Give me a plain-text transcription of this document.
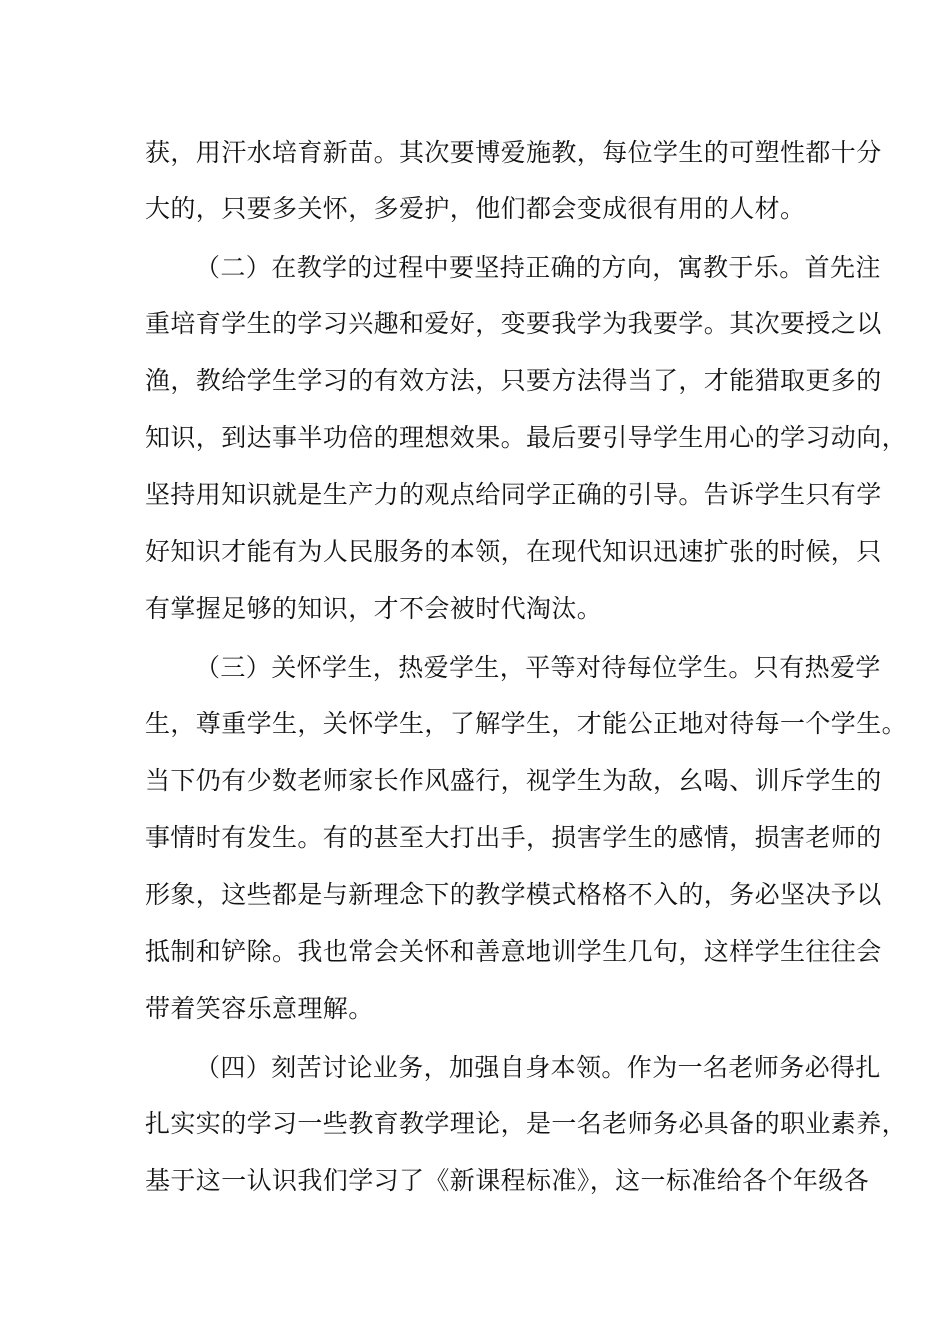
获，用汗水培育新苗。其次要博爱施教，每位学生的可塑性都十分
大的，只要多关怀，多爱护，他们都会变成很有用的人材。
（二）在教学的过程中要坚持正确的方向，寓教于乐。首先注
重培育学生的学习兴趣和爱好，变要我学为我要学。其次要授之以
渔，教给学生学习的有效方法，只要方法得当了，才能猎取更多的
知识，到达事半功倍的理想效果。最后要引导学生用心的学习动向，
坚持用知识就是生产力的观点给同学正确的引导。告诉学生只有学
好知识才能有为人民服务的本领，在现代知识迅速扩张的时候，只
有掌握足够的知识，才不会被时代淘汰。
（三）关怀学生，热爱学生，平等对待每位学生。只有热爱学
生，尊重学生，关怀学生，了解学生，才能公正地对待每一个学生。
当下仍有少数老师家长作风盛行，视学生为敌，幺喝、训斥学生的
事情时有发生。有的甚至大打出手，损害学生的感情，损害老师的
形象，这些都是与新理念下的教学模式格格不入的，务必坚决予以
抵制和铲除。我也常会关怀和善意地训学生几句，这样学生往往会
带着笑容乐意理解。
（四）刻苦讨论业务，加强自身本领。作为一名老师务必得扎
扎实实的学习一些教育教学理论，是一名老师务必具备的职业素养，
基于这一认识我们学习了《新课程标准》，这一标准给各个年级各
